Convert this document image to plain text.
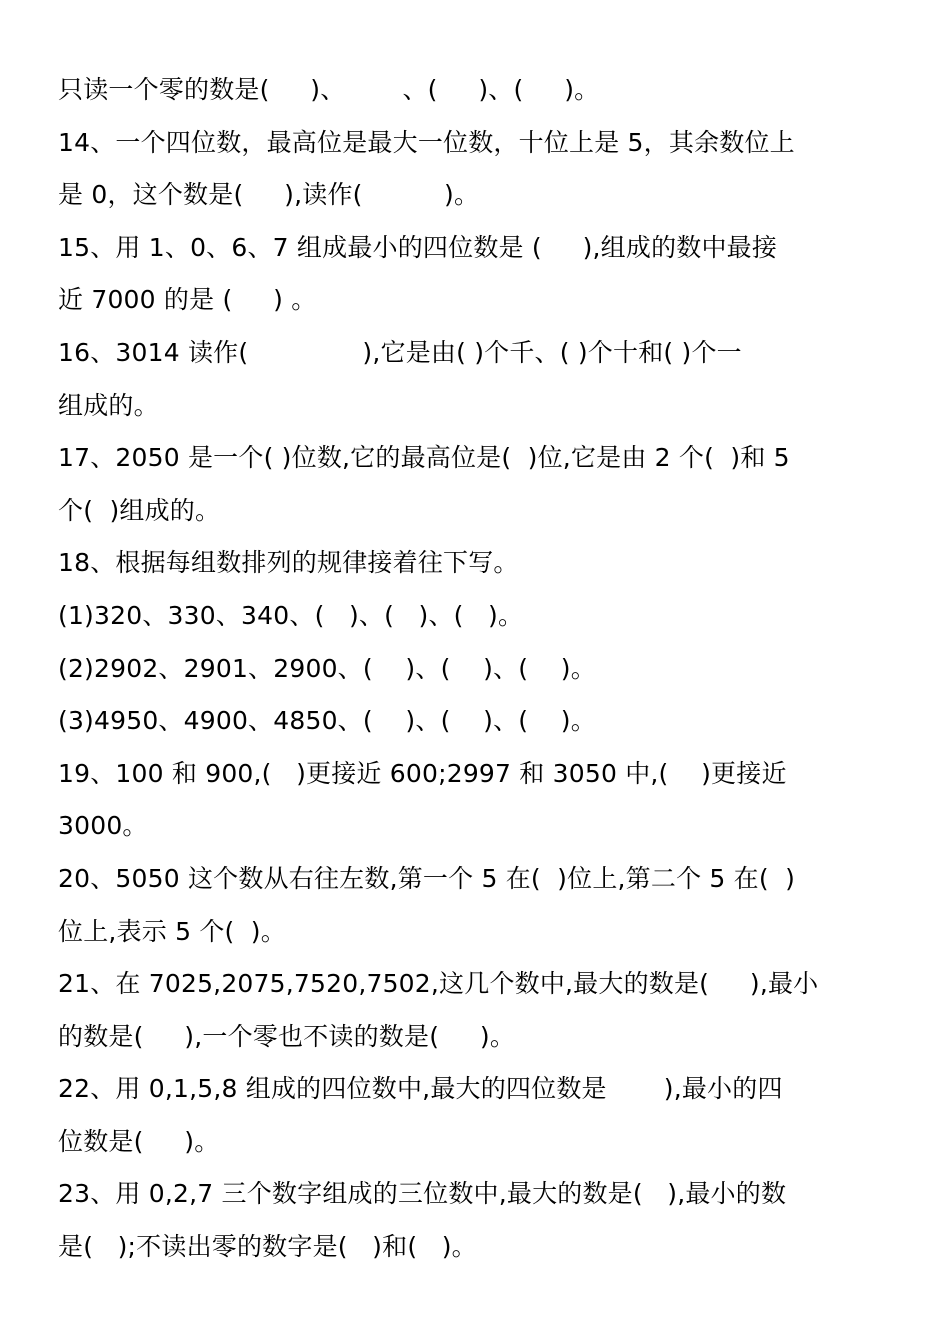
只读一个零的数是(     )、       、(     )、(     )。
14、一个四位数，最高位是最大一位数，十位上是 5，其余数位上
是 0，这个数是(     ),读作(          )。
15、用 1、0、6、7 组成最小的四位数是 (     ),组成的数中最接
近 7000 的是 (     ) 。
16、3014 读作(              ),它是由( )个千、( )个十和( )个一
组成的。
17、2050 是一个( )位数,它的最高位是(  )位,它是由 2 个(  )和 5
个(  )组成的。
18、根据每组数排列的规律接着往下写。
(1)320、330、340、(   )、(   )、(   )。
(2)2902、2901、2900、(    )、(    )、(    )。
(3)4950、4900、4850、(    )、(    )、(    )。
19、100 和 900,(   )更接近 600;2997 和 3050 中,(    )更接近
3000。
20、5050 这个数从右往左数,第一个 5 在(  )位上,第二个 5 在(  )
位上,表示 5 个(  )。
21、在 7025,2075,7520,7502,这几个数中,最大的数是(     ),最小
的数是(     ),一个零也不读的数是(     )。
22、用 0,1,5,8 组成的四位数中,最大的四位数是       ),最小的四
位数是(     )。
23、用 0,2,7 三个数字组成的三位数中,最大的数是(   ),最小的数
是(   );不读出零的数字是(   )和(   )。
